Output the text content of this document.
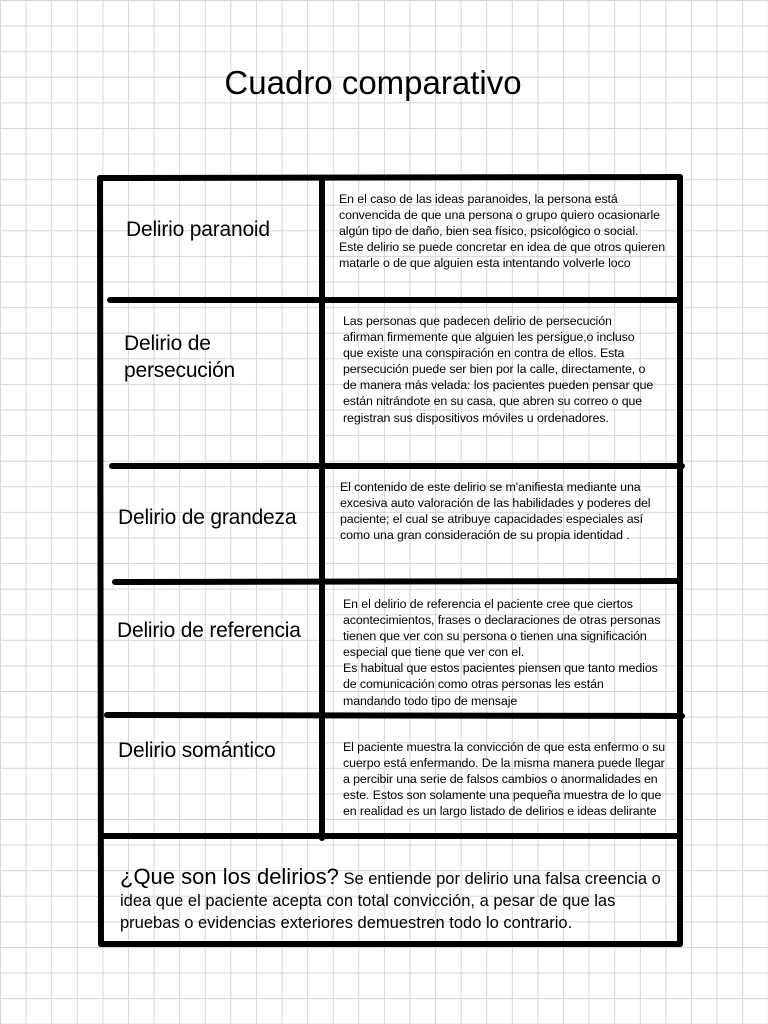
Cuadro comparativo
Delirio paranoid
Delirio de persecución
Delirio de grandeza
Delirio de referencia
Delirio somántico
En el caso de las ideas paranoides, la persona está convencida de que una persona o grupo quiero ocasionarle algún tipo de daño, bien sea físico, psicológico o social. Este delirio se puede concretar en idea de que otros quieren matarle o de que alguien esta intentando volverle loco
Las personas que padecen delirio de persecución afirman firmemente que alguien les persigue,o incluso que existe una conspiración en contra de ellos. Esta persecución puede ser bien por la calle, directamente, o de manera más velada: los pacientes pueden pensar que están nitrándote en su casa, que abren su correo o que registran sus dispositivos móviles u ordenadores.
El contenido de este delirio se m'anifiesta mediante una excesiva auto valoración de las habilidades y poderes del paciente; el cual se atribuye capacidades especiales así como una gran consideración de su propia identidad .
En el delirio de referencia el paciente cree que ciertos acontecimientos, frases o declaraciones de otras personas tienen que ver con su persona o tienen una significación especial que tiene que ver con el.
Es habitual que estos pacientes piensen que tanto medios de comunicación como otras personas les están mandando todo tipo de mensaje
El paciente muestra la convicción de que esta enfermo o su cuerpo está enfermando. De la misma manera puede llegar a percibir una serie de falsos cambios o anormalidades en este. Estos son solamente una pequeña muestra de lo que en realidad es un largo listado de delirios e ideas delirante
¿Que son los delirios? Se entiende por delirio una falsa creencia o idea que el paciente acepta con total convicción, a pesar de que las pruebas o evidencias exteriores demuestren todo lo contrario.
